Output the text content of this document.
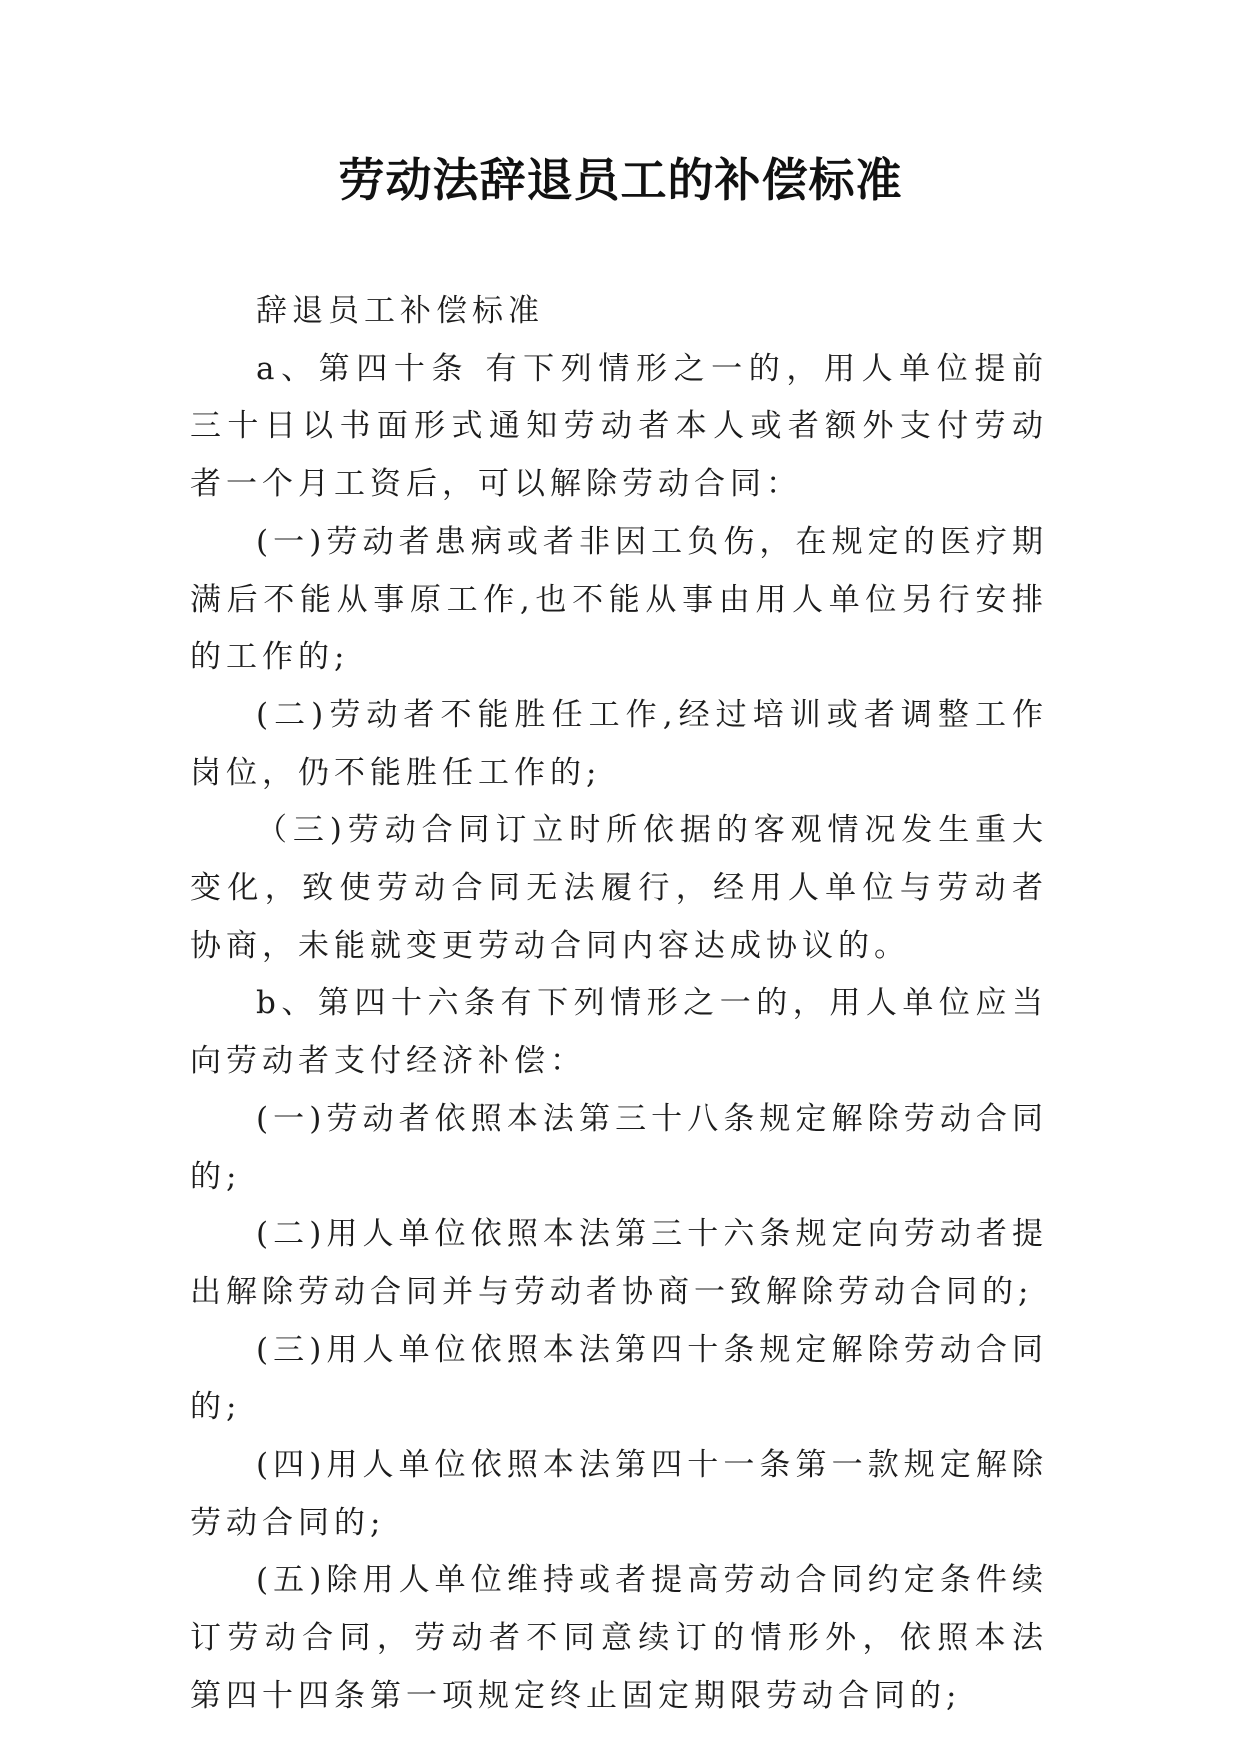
劳动法辞退员工的补偿标准

辞退员工补偿标准

a、第四十条 有下列情形之一的，用人单位提前三十日以书面形式通知劳动者本人或者额外支付劳动者一个月工资后，可以解除劳动合同：

(一)劳动者患病或者非因工负伤，在规定的医疗期满后不能从事原工作,也不能从事由用人单位另行安排的工作的;

(二)劳动者不能胜任工作,经过培训或者调整工作岗位，仍不能胜任工作的;

（三)劳动合同订立时所依据的客观情况发生重大变化，致使劳动合同无法履行，经用人单位与劳动者协商，未能就变更劳动合同内容达成协议的。

b、第四十六条有下列情形之一的，用人单位应当向劳动者支付经济补偿：

(一)劳动者依照本法第三十八条规定解除劳动合同的;

(二)用人单位依照本法第三十六条规定向劳动者提出解除劳动合同并与劳动者协商一致解除劳动合同的;

(三)用人单位依照本法第四十条规定解除劳动合同的;

(四)用人单位依照本法第四十一条第一款规定解除劳动合同的;

(五)除用人单位维持或者提高劳动合同约定条件续订劳动合同，劳动者不同意续订的情形外，依照本法第四十四条第一项规定终止固定期限劳动合同的;
